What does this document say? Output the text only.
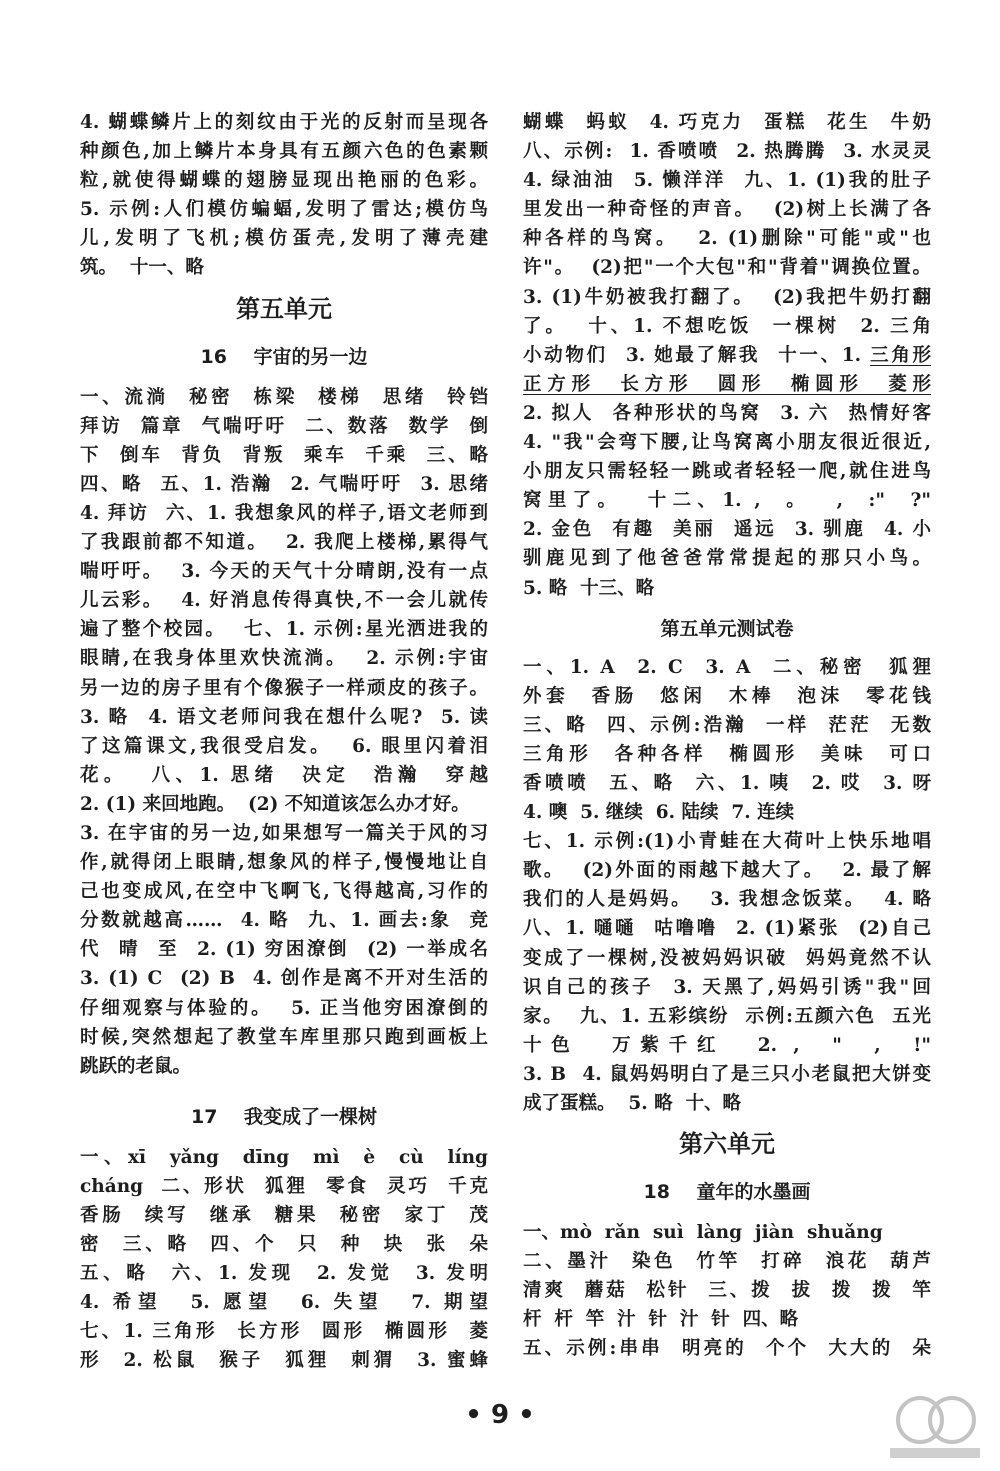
4. 蝴蝶鳞片上的刻纹由于光的反射而呈现各
种颜色,加上鳞片本身具有五颜六色的色素颗
粒,就使得蝴蝶的翅膀显现出艳丽的色彩。
5. 示例:人们模仿蝙蝠,发明了雷达;模仿鸟
儿,发明了飞机;模仿蛋壳,发明了薄壳建
筑。  十一、略
第五单元
16    宇宙的另一边
一、流淌  秘密  栋梁  楼梯  思绪  铃铛
拜访  篇章  气喘吁吁  二、数落  数学  倒
下  倒车  背负  背叛  乘车  千乘  三、略
四、略  五、1. 浩瀚  2. 气喘吁吁  3. 思绪
4. 拜访  六、1. 我想象风的样子,语文老师到
了我跟前都不知道。  2. 我爬上楼梯,累得气
喘吁吁。  3. 今天的天气十分晴朗,没有一点
儿云彩。  4. 好消息传得真快,不一会儿就传
遍了整个校园。  七、1. 示例:星光洒进我的
眼睛,在我身体里欢快流淌。  2. 示例:宇宙
另一边的房子里有个像猴子一样顽皮的孩子。
3. 略  4. 语文老师问我在想什么呢?  5. 读
了这篇课文,我很受启发。  6. 眼里闪着泪
花。  八、1. 思绪  决定  浩瀚  穿越
2. (1) 来回地跑。  (2) 不知道该怎么办才好。
3. 在宇宙的另一边,如果想写一篇关于风的习
作,就得闭上眼睛,想象风的样子,慢慢地让自
己也变成风,在空中飞啊飞,飞得越高,习作的
分数就越高……  4. 略  九、1. 画去:象  竞
代  晴  至  2. (1) 穷困潦倒  (2) 一举成名
3. (1) C  (2) B  4. 创作是离不开对生活的
仔细观察与体验的。  5. 正当他穷困潦倒的
时候,突然想起了教堂车库里那只跑到画板上
跳跃的老鼠。
17    我变成了一棵树
一、xī  yǎng  dīng  mì  è  cù  líng
cháng  二、形状  狐狸  零食  灵巧  千克
香肠  续写  继承  糖果  秘密  家丁  茂
密  三、略  四、个  只  种  块  张  朵
五、略  六、1. 发现  2. 发觉  3. 发明
4. 希望  5. 愿望  6. 失望  7. 期望
七、1. 三角形  长方形  圆形  椭圆形  菱
形  2. 松鼠  猴子  狐狸  刺猬  3. 蜜蜂
蝴蝶  蚂蚁  4. 巧克力  蛋糕  花生  牛奶
八、示例:  1. 香喷喷  2. 热腾腾  3. 水灵灵
4. 绿油油  5. 懒洋洋  九、1. (1)我的肚子
里发出一种奇怪的声音。  (2)树上长满了各
种各样的鸟窝。  2. (1)删除"可能"或"也
许"。  (2)把"一个大包"和"背着"调换位置。
3. (1)牛奶被我打翻了。  (2)我把牛奶打翻
了。  十、1. 不想吃饭  一棵树  2. 三角
小动物们  3. 她最了解我  十一、1. 三角形
正方形  长方形  圆形  椭圆形  菱形
2. 拟人  各种形状的鸟窝  3. 六  热情好客
4. "我"会弯下腰,让鸟窝离小朋友很近很近,
小朋友只需轻轻一跳或者轻轻一爬,就住进鸟
窝里了。  十二、1. ,  。  ,  :"  ?"
2. 金色  有趣  美丽  遥远  3. 驯鹿  4. 小
驯鹿见到了他爸爸常常提起的那只小鸟。
5. 略  十三、略
第五单元测试卷
一、1. A  2. C  3. A  二、秘密  狐狸
外套  香肠  悠闲  木棒  泡沫  零花钱
三、略  四、示例:浩瀚  一样  茫茫  无数
三角形  各种各样  椭圆形  美味  可口
香喷喷  五、略  六、1. 咦  2. 哎  3. 呀
4. 噢  5. 继续  6. 陆续  7. 连续
七、1. 示例:(1)小青蛙在大荷叶上快乐地唱
歌。  (2)外面的雨越下越大了。  2. 最了解
我们的人是妈妈。  3. 我想念饭菜。  4. 略
八、1. 嗵嗵  咕噜噜  2. (1)紧张  (2)自己
变成了一棵树,没被妈妈识破  妈妈竟然不认
识自己的孩子  3. 天黑了,妈妈引诱"我"回
家。  九、1. 五彩缤纷  示例:五颜六色  五光
十色  万紫千红  2. ,  "  ,  !"
3. B  4. 鼠妈妈明白了是三只小老鼠把大饼变
成了蛋糕。  5. 略  十、略
第六单元
18    童年的水墨画
一、mò  rǎn  suì  làng  jiàn  shuǎng
二、墨汁  染色  竹竿  打碎  浪花  葫芦
清爽  蘑菇  松针  三、拨  拔  拨  拨  竿
杆  杆  竿  汁  针  汁  针  四、略
五、示例:串串  明亮的  个个  大大的  朵
• 9 •
